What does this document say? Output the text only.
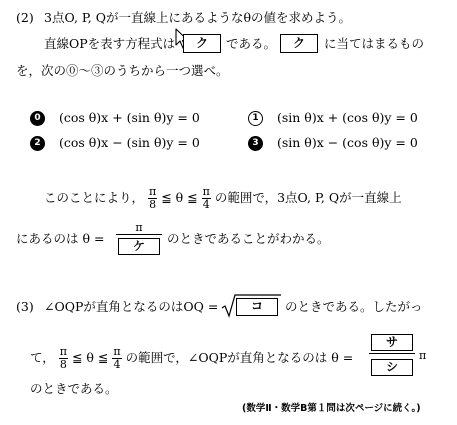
(2) 3点O, P, Qが一直線上にあるようなθの値を求めよう。
直線OPを表す方程式は	ク	である。	ク	に当てはまるもの
を，次の⓪〜③のうちから一つ選べ。
0 (cos θ)x + (sin θ)y = 0	1 (sin θ)x + (cos θ)y = 0
2 (cos θ)x − (sin θ)y = 0	3 (sin θ)x − (cos θ)y = 0
このことにより， $\frac{\pi}{8}$ ≦ θ ≦ $\frac{\pi}{4}$ の範囲で，3点O, P, Qが一直線上
にあるのは θ =
π
ケ	のときであることがわかる。
(3) ∠OQPが直角となるのはOQ =	コ	のときである。したがっ
て， $\frac{\pi}{8}$ ≦ θ ≦ $\frac{\pi}{4}$ の範囲で，∠OQPが直角となるのは θ =
サ
シ
π
のときである。
(数学Ⅱ・数学B第１問は次ページに続く。)
